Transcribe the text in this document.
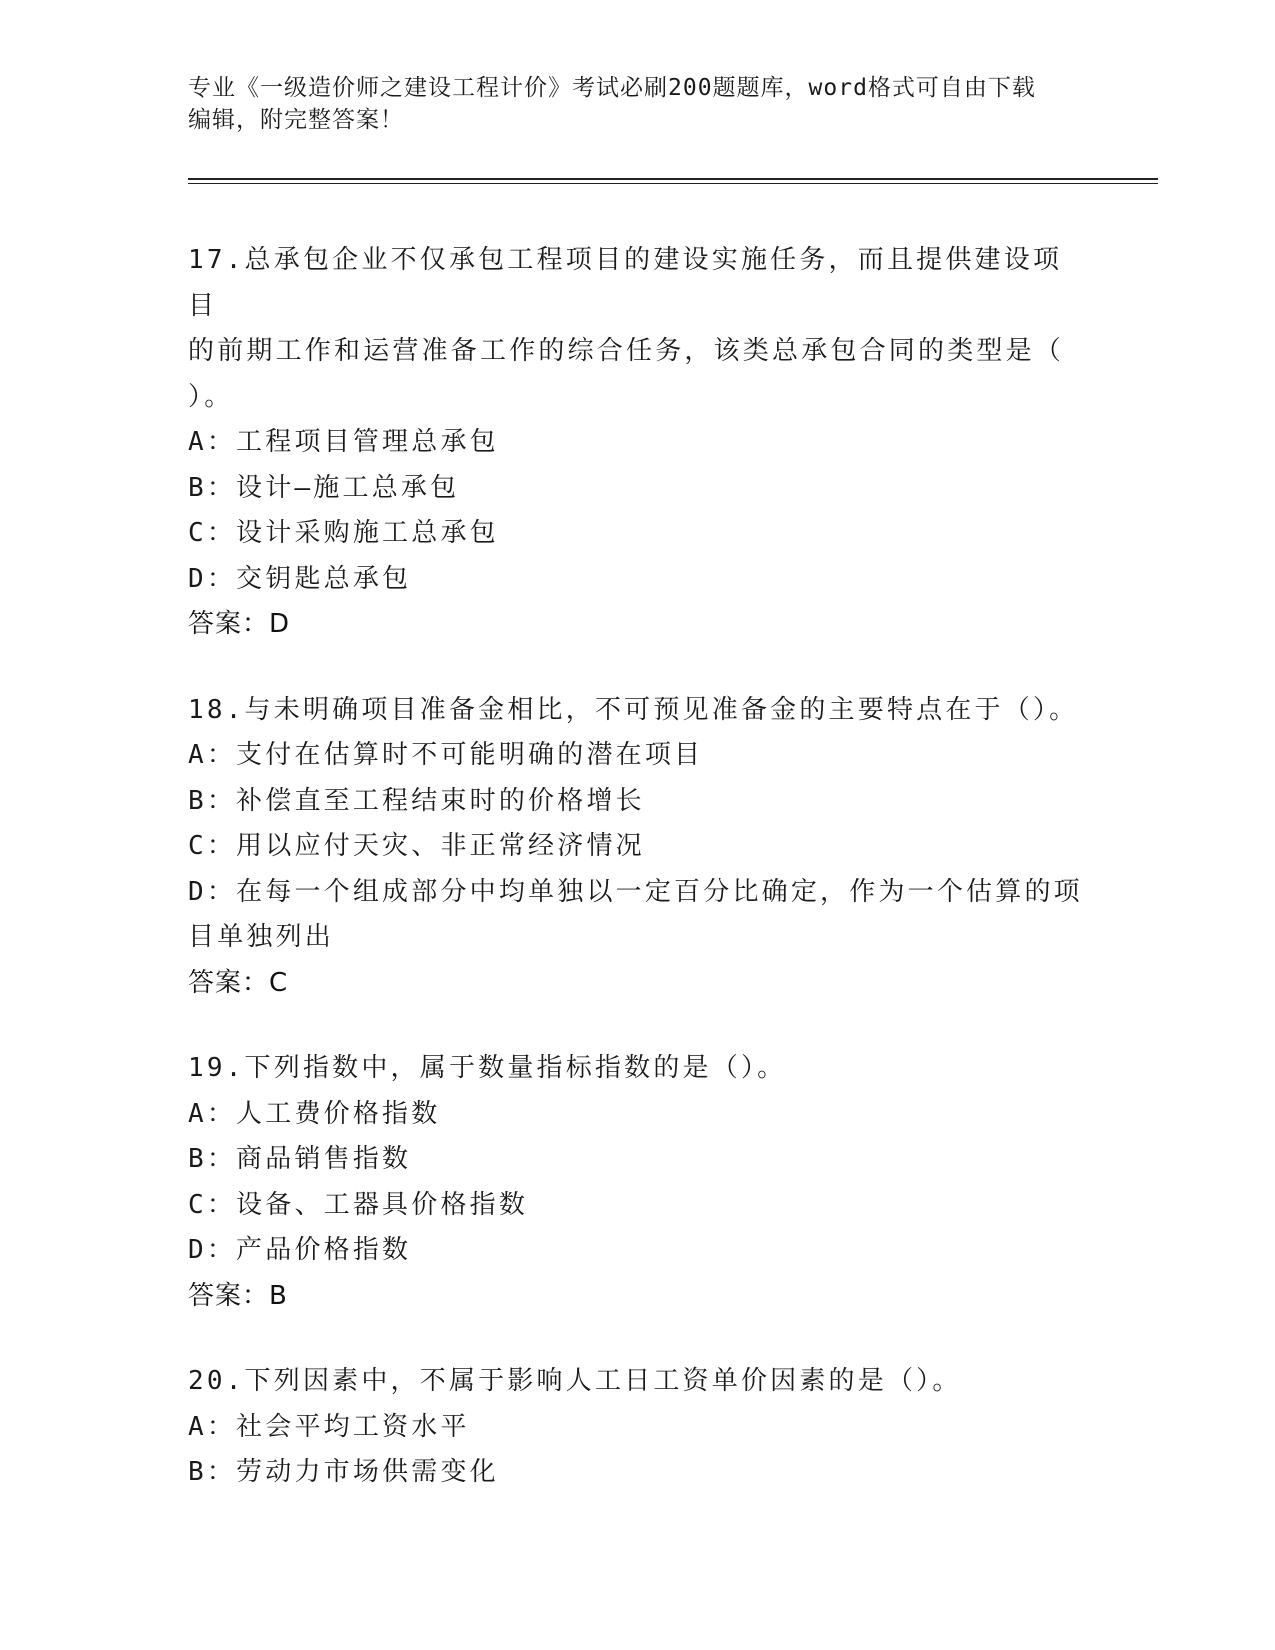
专业《一级造价师之建设工程计价》考试必刷200题题库，word格式可自由下载
编辑，附完整答案！
17.总承包企业不仅承包工程项目的建设实施任务，而且提供建设项目
的前期工作和运营准备工作的综合任务，该类总承包合同的类型是（
）。
A：工程项目管理总承包
B：设计—施工总承包
C：设计采购施工总承包
D：交钥匙总承包
答案：D
18.与未明确项目准备金相比，不可预见准备金的主要特点在于（）。
A：支付在估算时不可能明确的潜在项目
B：补偿直至工程结束时的价格增长
C：用以应付天灾、非正常经济情况
D：在每一个组成部分中均单独以一定百分比确定，作为一个估算的项
目单独列出
答案：C
19.下列指数中，属于数量指标指数的是（）。
A：人工费价格指数
B：商品销售指数
C：设备、工器具价格指数
D：产品价格指数
答案：B
20.下列因素中，不属于影响人工日工资单价因素的是（）。
A：社会平均工资水平
B：劳动力市场供需变化
